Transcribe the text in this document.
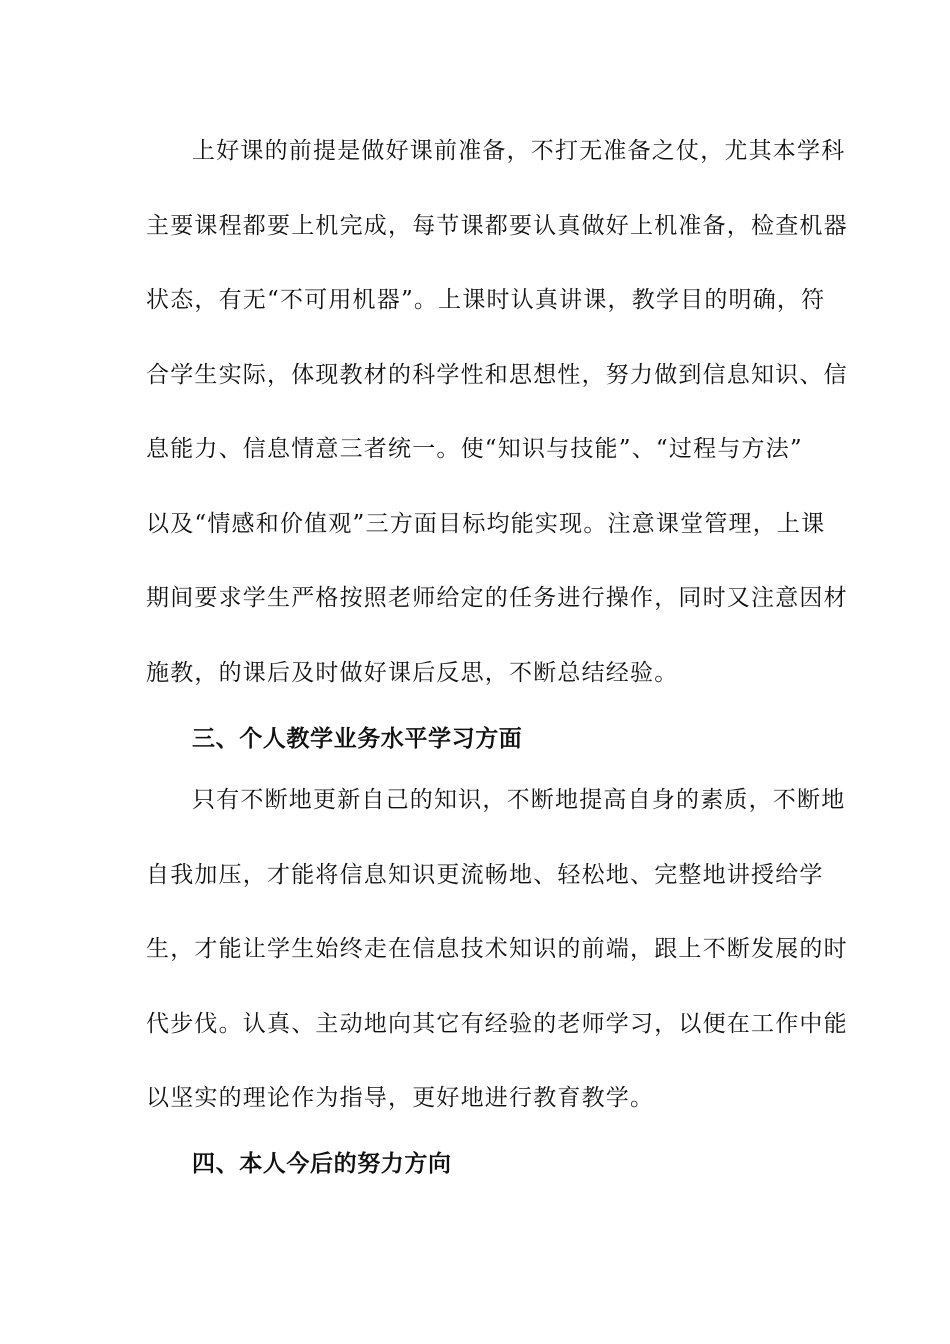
上好课的前提是做好课前准备，不打无准备之仗，尤其本学科
主要课程都要上机完成，每节课都要认真做好上机准备，检查机器
状态，有无“不可用机器”。上课时认真讲课，教学目的明确，符
合学生实际，体现教材的科学性和思想性，努力做到信息知识、信
息能力、信息情意三者统一。使“知识与技能”、“过程与方法”
以及“情感和价值观”三方面目标均能实现。注意课堂管理，上课
期间要求学生严格按照老师给定的任务进行操作，同时又注意因材
施教，的课后及时做好课后反思，不断总结经验。
三、个人教学业务水平学习方面
只有不断地更新自己的知识，不断地提高自身的素质，不断地
自我加压，才能将信息知识更流畅地、轻松地、完整地讲授给学
生，才能让学生始终走在信息技术知识的前端，跟上不断发展的时
代步伐。认真、主动地向其它有经验的老师学习，以便在工作中能
以坚实的理论作为指导，更好地进行教育教学。
四、本人今后的努力方向
